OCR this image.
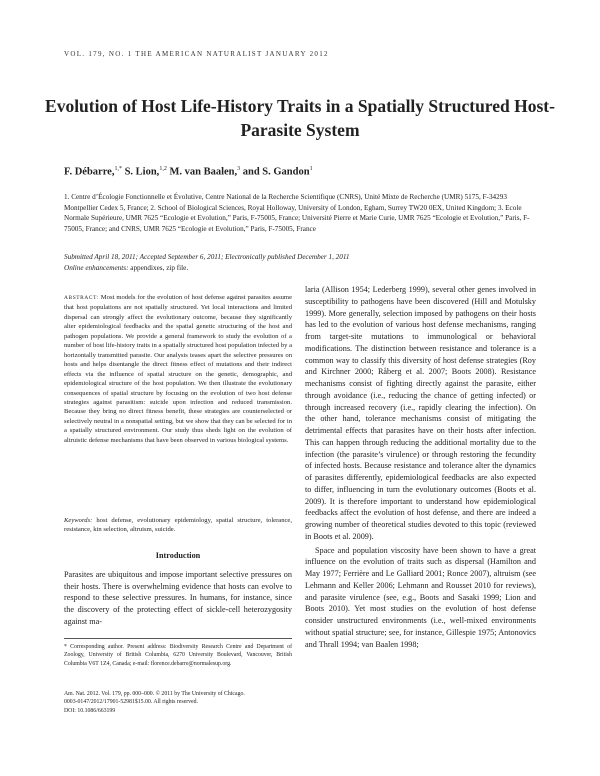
VOL. 179, NO. 1 THE AMERICAN NATURALIST JANUARY 2012
Evolution of Host Life-History Traits in a Spatially Structured Host-Parasite System
F. Débarre,$^{1,*}$ S. Lion,$^{1,2}$ M. van Baalen,$^3$ and S. Gandon$^1$
1. Centre d’Écologie Fonctionnelle et Évolutive, Centre National de la Recherche Scientifique (CNRS), Unité Mixte de Recherche (UMR) 5175, F-34293 Montpellier Cedex 5, France; 2. School of Biological Sciences, Royal Holloway, University of London, Egham, Surrey TW20 0EX, United Kingdom; 3. Ecole Normale Supérieure, UMR 7625 “Ecologie et Evolution,” Paris, F-75005, France; Université Pierre et Marie Curie, UMR 7625 “Ecologie et Evolution,” Paris, F-75005, France; and CNRS, UMR 7625 “Ecologie et Evolution,” Paris, F-75005, France
Submitted April 18, 2011; Accepted September 6, 2011; Electronically published December 1, 2011
Online enhancements: appendixes, zip file.
ABSTRACT: Most models for the evolution of host defense against parasites assume that host populations are not spatially structured. Yet local interactions and limited dispersal can strongly affect the evolutionary outcome, because they significantly alter epidemiological feedbacks and the spatial genetic structuring of the host and pathogen populations. We provide a general framework to study the evolution of a number of host life-history traits in a spatially structured host population infected by a horizontally transmitted parasite. Our analysis teases apart the selective pressures on hosts and helps disentangle the direct fitness effect of mutations and their indirect effects via the influence of spatial structure on the genetic, demographic, and epidemiological structure of the host population. We then illustrate the evolutionary consequences of spatial structure by focusing on the evolution of two host defense strategies against parasitism: suicide upon infection and reduced transmission. Because they bring no direct fitness benefit, these strategies are counterselected or selectively neutral in a nonspatial setting, but we show that they can be selected for in a spatially structured environment. Our study thus sheds light on the evolution of altruistic defense mechanisms that have been observed in various biological systems.
Keywords: host defense, evolutionary epidemiology, spatial structure, tolerance, resistance, kin selection, altruism, suicide.
Introduction
Parasites are ubiquitous and impose important selective pressures on their hosts. There is overwhelming evidence that hosts can evolve to respond to these selective pressures. In humans, for instance, since the discovery of the protecting effect of sickle-cell heterozygosity against ma-
* Corresponding author. Present address: Biodiversity Research Centre and Department of Zoology, University of British Columbia, 6270 University Boulevard, Vancouver, British Columbia V6T 1Z4, Canada; e-mail: florence.debarre@normalesup.org.

Am. Nat. 2012. Vol. 179, pp. 000–000. © 2011 by The University of Chicago.

0003-0147/2012/17901-52981$15.00. All rights reserved.

DOI: 10.1086/663199

laria (Allison 1954; Lederberg 1999), several other genes involved in susceptibility to pathogens have been discovered (Hill and Motulsky 1999). More generally, selection imposed by pathogens on their hosts has led to the evolution of various host defense mechanisms, ranging from target-site mutations to immunological or behavioral modifications. The distinction between resistance and tolerance is a common way to classify this diversity of host defense strategies (Roy and Kirchner 2000; Råberg et al. 2007; Boots 2008). Resistance mechanisms consist of fighting directly against the parasite, either through avoidance (i.e., reducing the chance of getting infected) or through increased recovery (i.e., rapidly clearing the infection). On the other hand, tolerance mechanisms consist of mitigating the detrimental effects that parasites have on their hosts after infection. This can happen through reducing the additional mortality due to the infection (the parasite’s virulence) or through restoring the fecundity of infected hosts. Because resistance and tolerance alter the dynamics of parasites differently, epidemiological feedbacks are also expected to differ, influencing in turn the evolutionary outcomes (Boots et al. 2009). It is therefore important to understand how epidemiological feedbacks affect the evolution of host defense, and there are indeed a growing number of theoretical studies devoted to this topic (reviewed in Boots et al. 2009).

Space and population viscosity have been shown to have a great influence on the evolution of traits such as dispersal (Hamilton and May 1977; Ferrière and Le Galliard 2001; Ronce 2007), altruism (see Lehmann and Keller 2006; Lehmann and Rousset 2010 for reviews), and parasite virulence (see, e.g., Boots and Sasaki 1999; Lion and Boots 2010). Yet most studies on the evolution of host defense consider unstructured environments (i.e., well-mixed environments without spatial structure; see, for instance, Gillespie 1975; Antonovics and Thrall 1994; van Baalen 1998;
